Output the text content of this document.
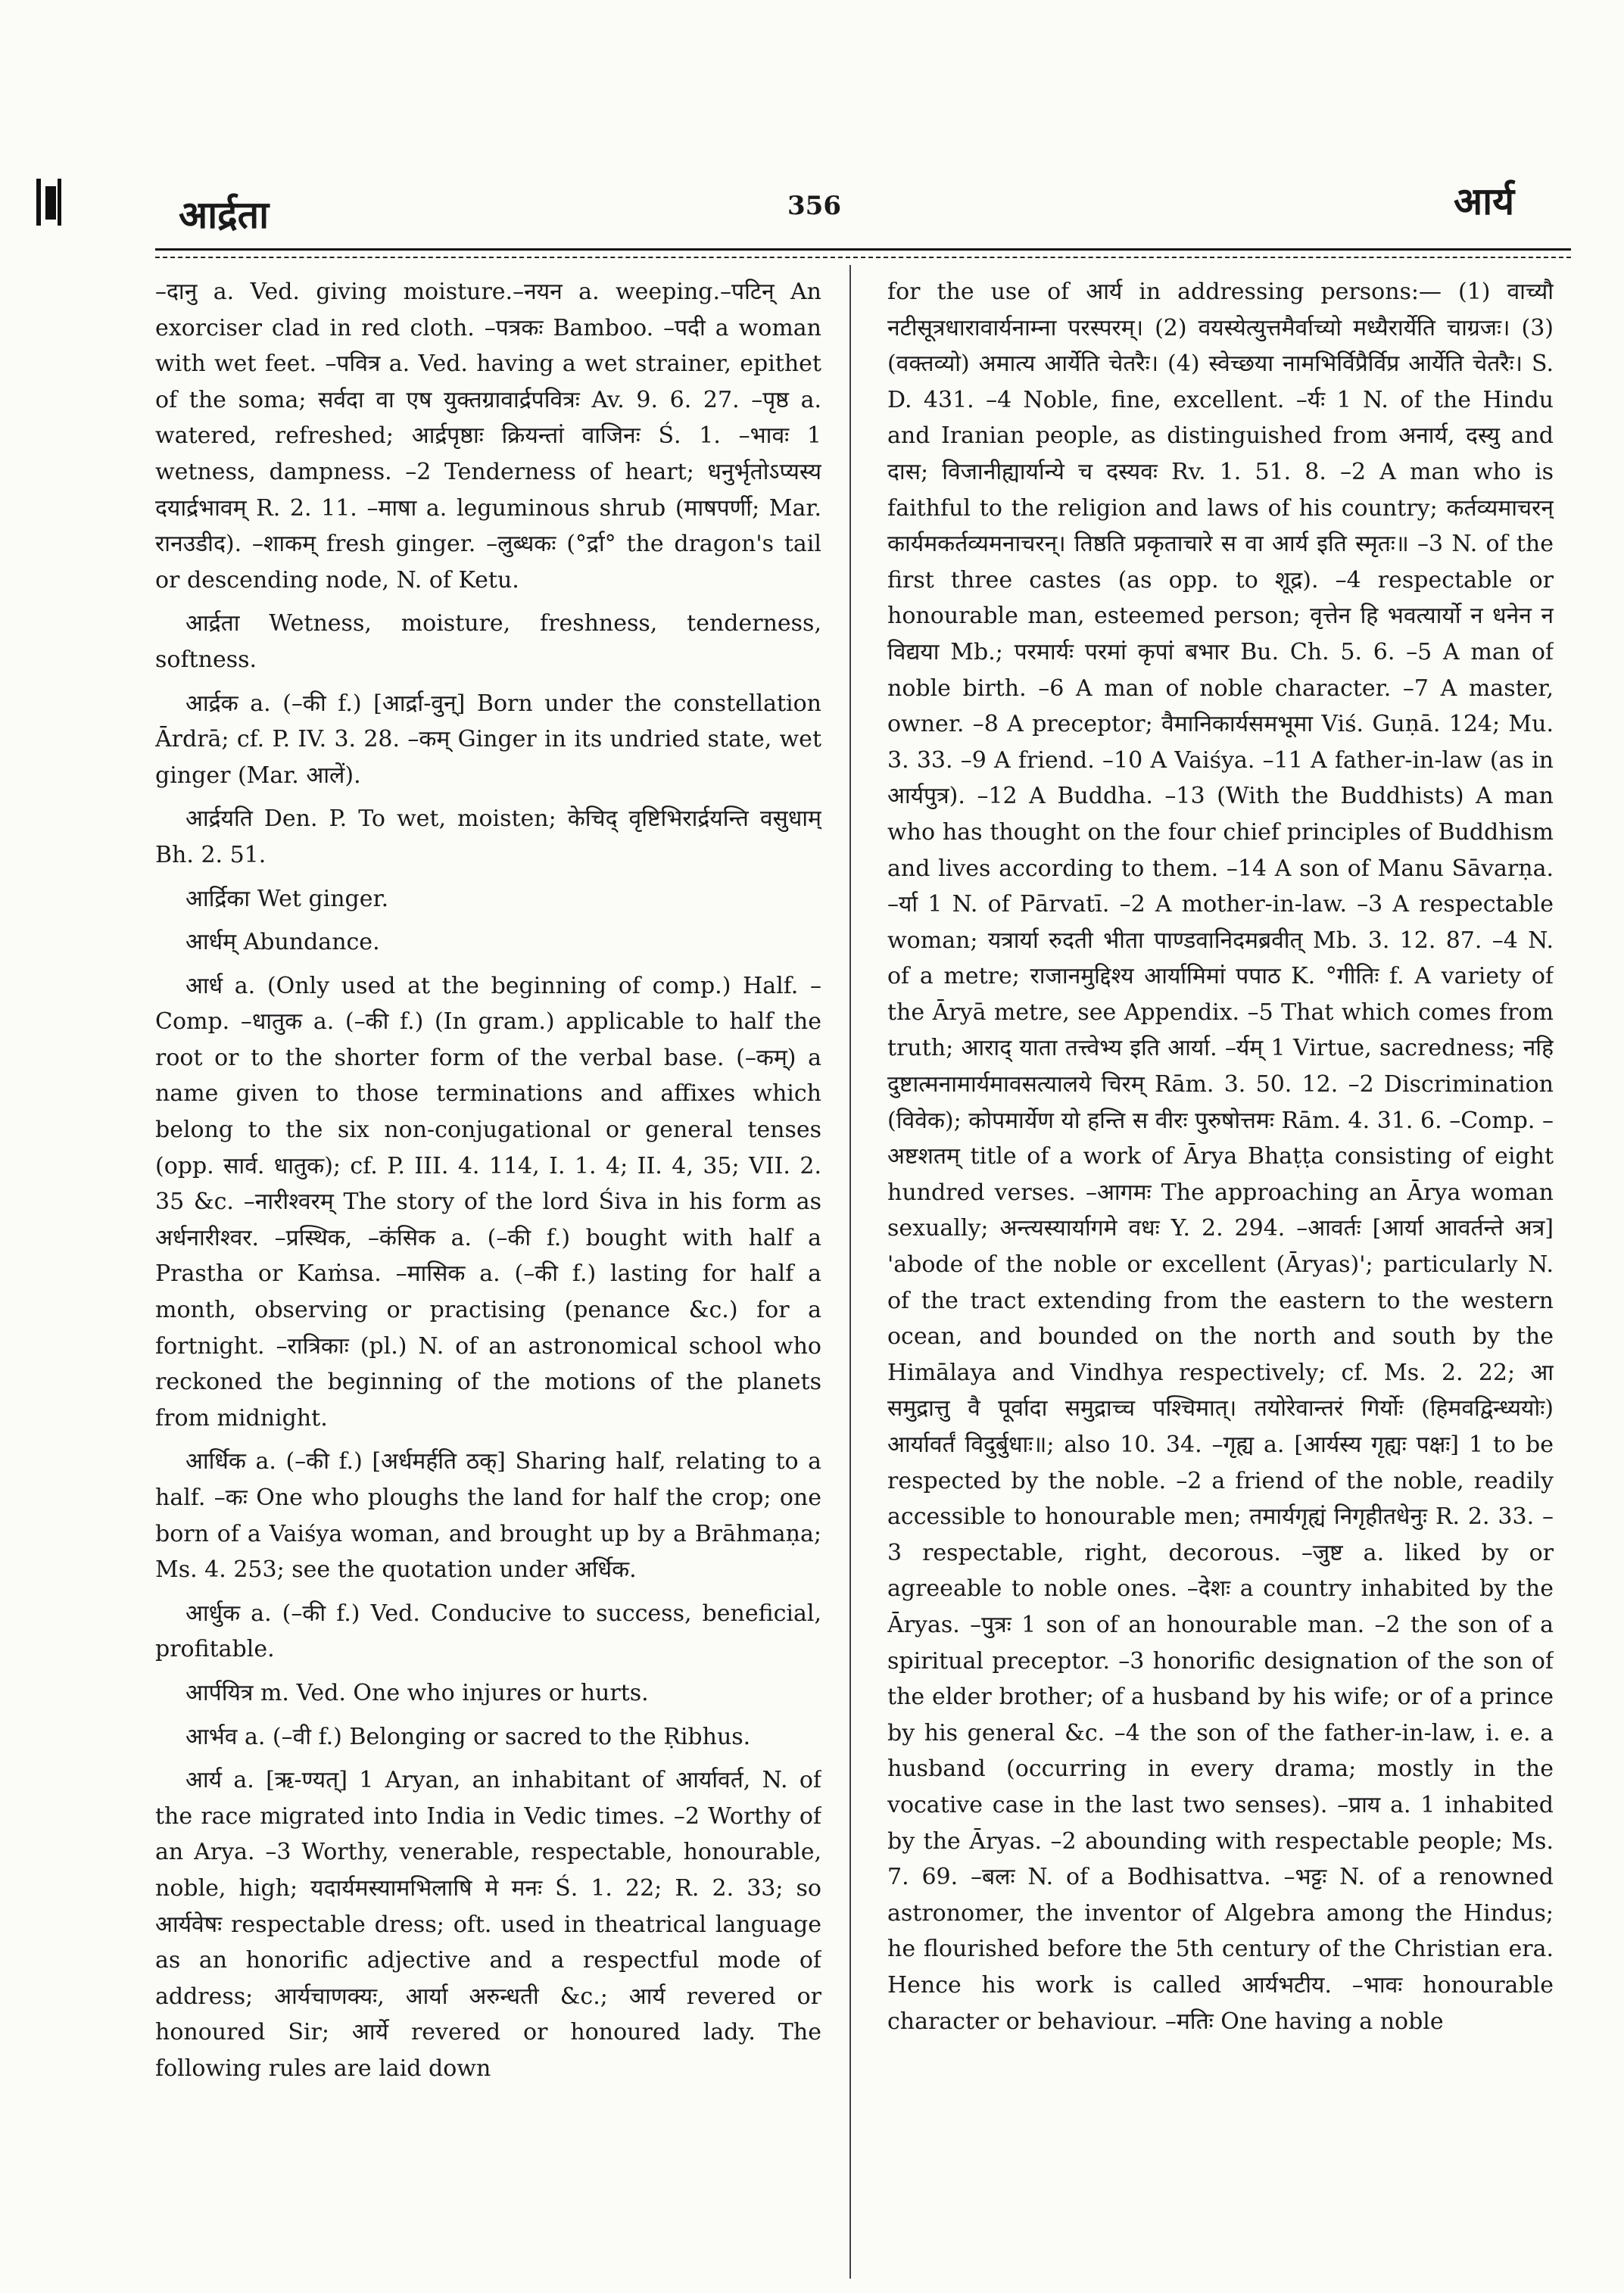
आर्द्रता	356	आर्य

–दानु a. Ved. giving moisture.–नयन a. weeping.–पटिन् An exorciser clad in red cloth. –पत्रकः Bamboo. –पदी a woman with wet feet. –पवित्र a. Ved. having a wet strainer, epithet of the soma; सर्वदा वा एष युक्तग्रावार्द्रपवित्रः Av. 9. 6. 27. –पृष्ठ a. watered, refreshed; आर्द्रपृष्ठाः क्रियन्तां वाजिनः Ś. 1. –भावः 1 wetness, dampness. –2 Tenderness of heart; धनुर्भृतोऽप्यस्य दयार्द्रभावम् R. 2. 11. –माषा a. leguminous shrub (माषपर्णी; Mar. रानउडीद). –शाकम् fresh ginger. –लुब्धकः (°र्द्रा° the dragon's tail or descending node, N. of Ketu.

आर्द्रता Wetness, moisture, freshness, tenderness, softness.

आर्द्रक a. (–की f.) [आर्द्रा-वुन्] Born under the constellation Ārdrā; cf. P. IV. 3. 28. –कम् Ginger in its undried state, wet ginger (Mar. आलें).

आर्द्रयति Den. P. To wet, moisten; केचिद् वृष्टिभिरार्द्रयन्ति वसुधाम् Bh. 2. 51.

आर्द्रिका Wet ginger.

आर्धम् Abundance.

आर्ध a. (Only used at the beginning of comp.) Half. –Comp. –धातुक a. (–की f.) (In gram.) applicable to half the root or to the shorter form of the verbal base. (–कम्) a name given to those terminations and affixes which belong to the six non-conjugational or general tenses (opp. सार्व. धातुक); cf. P. III. 4. 114, I. 1. 4; II. 4, 35; VII. 2. 35 &c. –नारीश्वरम् The story of the lord Śiva in his form as अर्धनारीश्वर. –प्रस्थिक, –कंसिक a. (–की f.) bought with half a Prastha or Kaṁsa. –मासिक a. (–की f.) lasting for half a month, observing or practising (penance &c.) for a fortnight. –रात्रिकाः (pl.) N. of an astronomical school who reckoned the beginning of the motions of the planets from midnight.

आर्धिक a. (–की f.) [अर्धमर्हति ठक्] Sharing half, relating to a half. –कः One who ploughs the land for half the crop; one born of a Vaiśya woman, and brought up by a Brāhmaṇa; Ms. 4. 253; see the quotation under अर्धिक.

आर्धुक a. (–की f.) Ved. Conducive to success, beneficial, profitable.

आर्पयित्र m. Ved. One who injures or hurts.

आर्भव a. (–वी f.) Belonging or sacred to the Ṛibhus.

आर्य a. [ऋ-ण्यत्] 1 Aryan, an inhabitant of आर्यावर्त, N. of the race migrated into India in Vedic times. –2 Worthy of an Arya. –3 Worthy, venerable, respectable, honourable, noble, high; यदार्यमस्यामभिलाषि मे मनः Ś. 1. 22; R. 2. 33; so आर्यवेषः respectable dress; oft. used in theatrical language as an honorific adjective and a respectful mode of address; आर्यचाणक्यः, आर्या अरुन्धती &c.; आर्य revered or honoured Sir; आर्ये revered or honoured lady. The following rules are laid down

for the use of आर्य in addressing persons:— (1) वाच्यौ नटीसूत्रधारावार्यनाम्ना परस्परम्। (2) वयस्येत्युत्तमैर्वाच्यो मध्यैरार्येति चाग्रजः। (3) (वक्तव्यो) अमात्य आर्येति चेतरैः। (4) स्वेच्छया नामभिर्विप्रैर्विप्र आर्येति चेतरैः। S. D. 431. –4 Noble, fine, excellent. –र्यः 1 N. of the Hindu and Iranian people, as distinguished from अनार्य, दस्यु and दास; विजानीह्यार्यान्ये च दस्यवः Rv. 1. 51. 8. –2 A man who is faithful to the religion and laws of his country; कर्तव्यमाचरन् कार्यमकर्तव्यमनाचरन्। तिष्ठति प्रकृताचारे स वा आर्य इति स्मृतः॥ –3 N. of the first three castes (as opp. to शूद्र). –4 respectable or honourable man, esteemed person; वृत्तेन हि भवत्यार्यो न धनेन न विद्यया Mb.; परमार्यः परमां कृपां बभार Bu. Ch. 5. 6. –5 A man of noble birth. –6 A man of noble character. –7 A master, owner. –8 A preceptor; वैमानिकार्यसमभूमा Viś. Guṇā. 124; Mu. 3. 33. –9 A friend. –10 A Vaiśya. –11 A father-in-law (as in आर्यपुत्र). –12 A Buddha. –13 (With the Buddhists) A man who has thought on the four chief principles of Buddhism and lives according to them. –14 A son of Manu Sāvarṇa. –र्या 1 N. of Pārvatī. –2 A mother-in-law. –3 A respectable woman; यत्रार्या रुदती भीता पाण्डवानिदमब्रवीत् Mb. 3. 12. 87. –4 N. of a metre; राजानमुद्दिश्य आर्यामिमां पपाठ K. °गीतिः f. A variety of the Āryā metre, see Appendix. –5 That which comes from truth; आराद् याता तत्त्वेभ्य इति आर्या. –र्यम् 1 Virtue, sacredness; नहि दुष्टात्मनामार्यमावसत्यालये चिरम् Rām. 3. 50. 12. –2 Discrimination (विवेक); कोपमार्येण यो हन्ति स वीरः पुरुषोत्तमः Rām. 4. 31. 6. –Comp. –अष्टशतम् title of a work of Ārya Bhaṭṭa consisting of eight hundred verses. –आगमः The approaching an Ārya woman sexually; अन्त्यस्यार्यागमे वधः Y. 2. 294. –आवर्तः [आर्या आवर्तन्ते अत्र] 'abode of the noble or excellent (Āryas)'; particularly N. of the tract extending from the eastern to the western ocean, and bounded on the north and south by the Himālaya and Vindhya respectively; cf. Ms. 2. 22; आ समुद्रात्तु वै पूर्वादा समुद्राच्च पश्चिमात्। तयोरेवान्तरं गिर्योः (हिमवद्विन्ध्ययोः) आर्यावर्तं विदुर्बुधाः॥; also 10. 34. –गृह्य a. [आर्यस्य गृह्यः पक्षः] 1 to be respected by the noble. –2 a friend of the noble, readily accessible to honourable men; तमार्यगृह्यं निगृहीतधेनुः R. 2. 33. –3 respectable, right, decorous. –जुष्ट a. liked by or agreeable to noble ones. –देशः a country inhabited by the Āryas. –पुत्रः 1 son of an honourable man. –2 the son of a spiritual preceptor. –3 honorific designation of the son of the elder brother; of a husband by his wife; or of a prince by his general &c. –4 the son of the father-in-law, i. e. a husband (occurring in every drama; mostly in the vocative case in the last two senses). –प्राय a. 1 inhabited by the Āryas. –2 abounding with respectable people; Ms. 7. 69. –बलः N. of a Bodhisattva. –भट्टः N. of a renowned astronomer, the inventor of Algebra among the Hindus; he flourished before the 5th century of the Christian era. Hence his work is called आर्यभटीय. –भावः honourable character or behaviour. –मतिः One having a noble
